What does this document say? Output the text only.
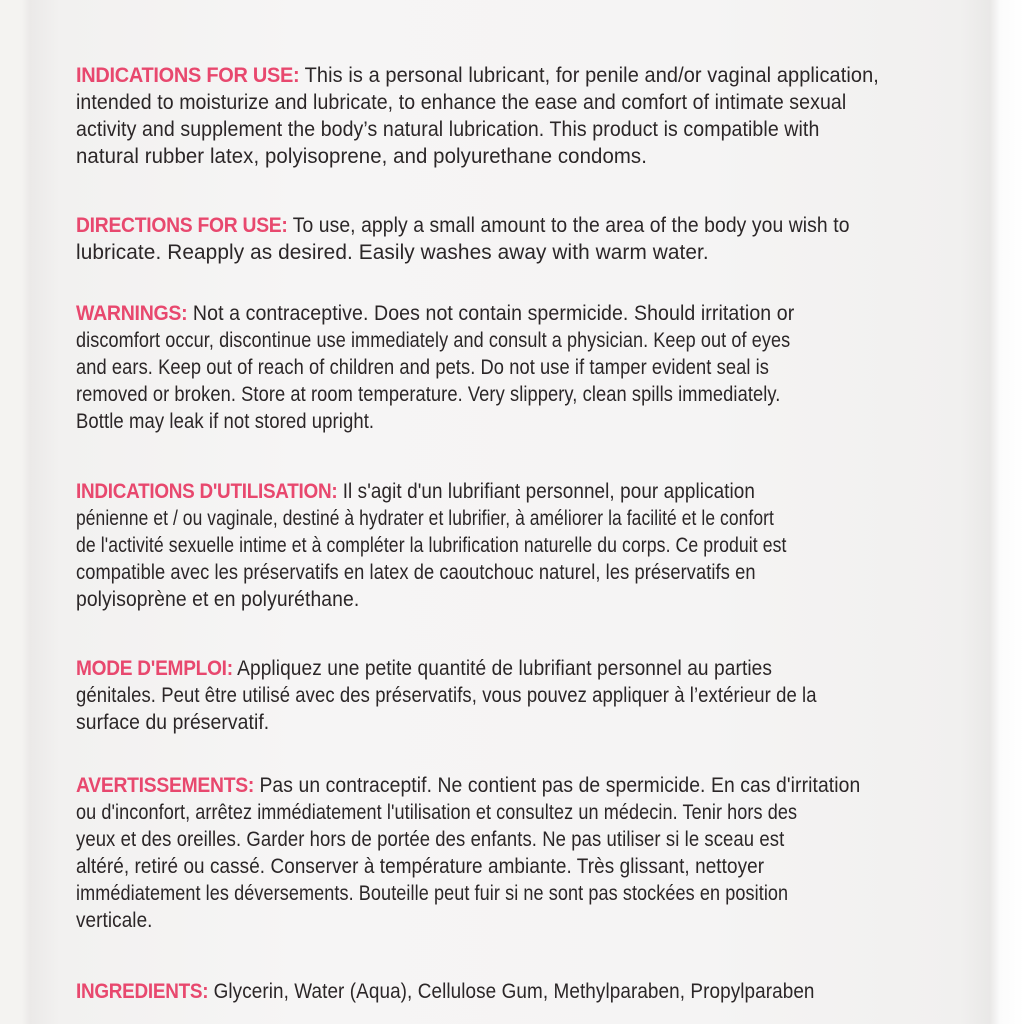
INDICATIONS FOR USE: This is a personal lubricant, for penile and/or vaginal application,
intended to moisturize and lubricate, to enhance the ease and comfort of intimate sexual
activity and supplement the body’s natural lubrication. This product is compatible with
natural rubber latex, polyisoprene, and polyurethane condoms.
DIRECTIONS FOR USE: To use, apply a small amount to the area of the body you wish to
lubricate. Reapply as desired. Easily washes away with warm water.
WARNINGS: Not a contraceptive. Does not contain spermicide. Should irritation or
discomfort occur, discontinue use immediately and consult a physician. Keep out of eyes
and ears. Keep out of reach of children and pets. Do not use if tamper evident seal is
removed or broken. Store at room temperature. Very slippery, clean spills immediately.
Bottle may leak if not stored upright.
INDICATIONS D'UTILISATION: Il s'agit d'un lubrifiant personnel, pour application
pénienne et / ou vaginale, destiné à hydrater et lubrifier, à améliorer la facilité et le confort
de l'activité sexuelle intime et à compléter la lubrification naturelle du corps. Ce produit est
compatible avec les préservatifs en latex de caoutchouc naturel, les préservatifs en
polyisoprène et en polyuréthane.
MODE D'EMPLOI: Appliquez une petite quantité de lubrifiant personnel au parties
génitales. Peut être utilisé avec des préservatifs, vous pouvez appliquer à l’extérieur de la
surface du préservatif.
AVERTISSEMENTS: Pas un contraceptif. Ne contient pas de spermicide. En cas d'irritation
ou d'inconfort, arrêtez immédiatement l'utilisation et consultez un médecin. Tenir hors des
yeux et des oreilles. Garder hors de portée des enfants. Ne pas utiliser si le sceau est
altéré, retiré ou cassé. Conserver à température ambiante. Très glissant, nettoyer
immédiatement les déversements. Bouteille peut fuir si ne sont pas stockées en position
verticale.
INGREDIENTS: Glycerin, Water (Aqua), Cellulose Gum, Methylparaben, Propylparaben
